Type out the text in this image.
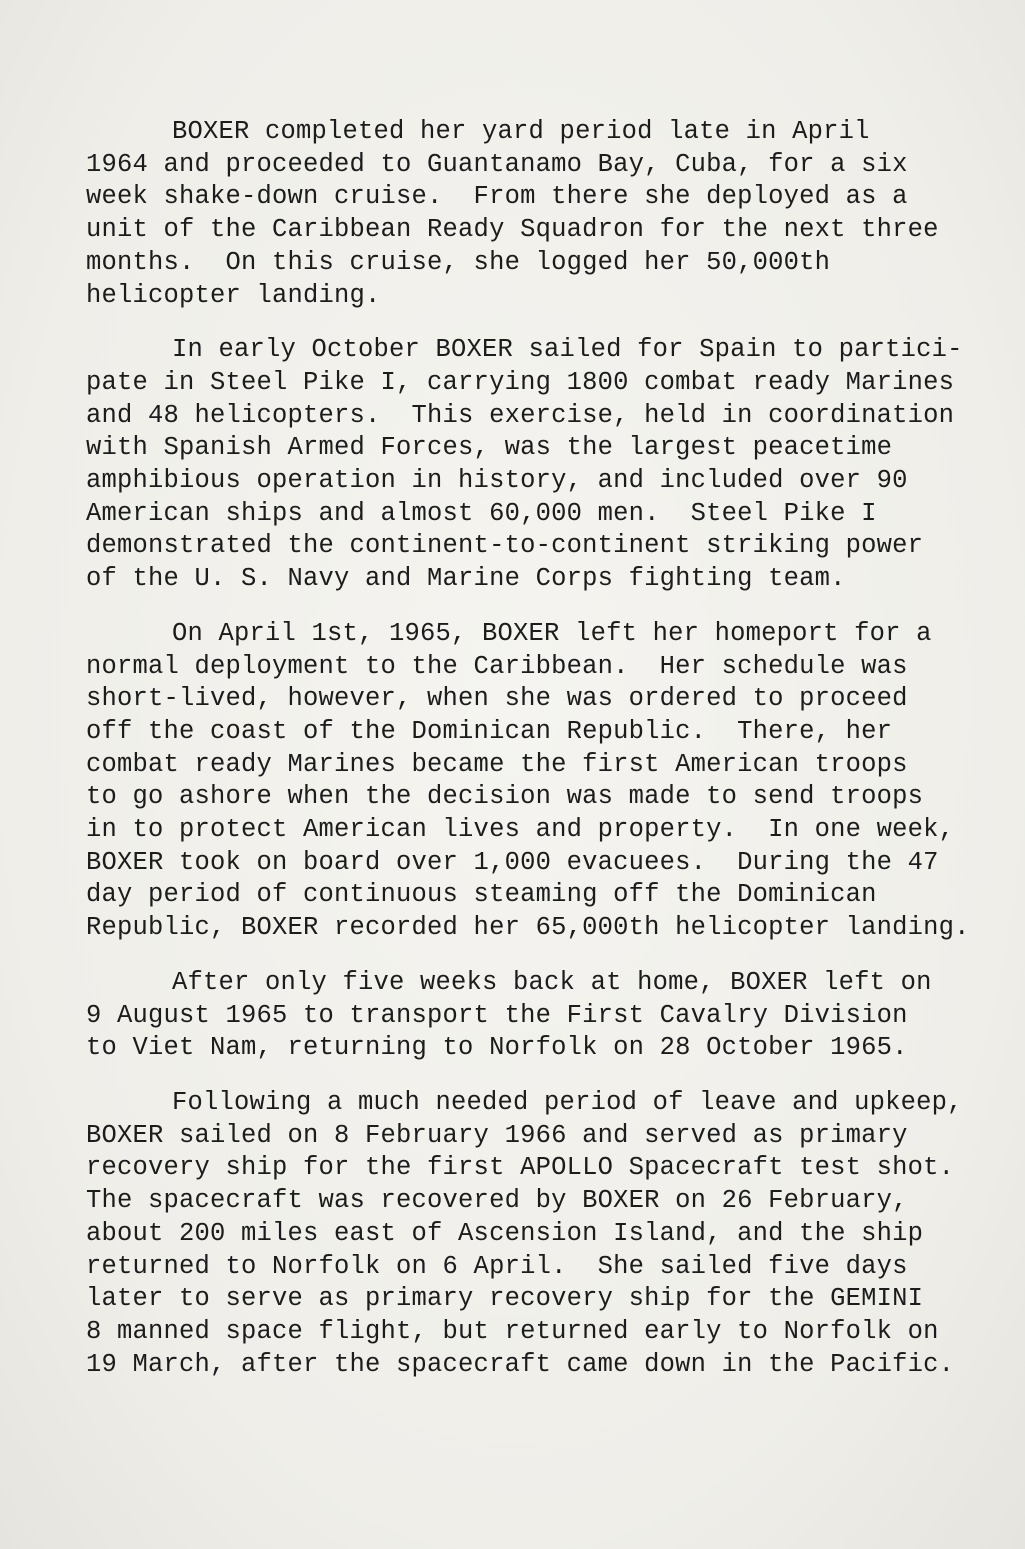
BOXER completed her yard period late in April
1964 and proceeded to Guantanamo Bay, Cuba, for a six
week shake-down cruise.  From there she deployed as a
unit of the Caribbean Ready Squadron for the next three
months.  On this cruise, she logged her 50,000th
helicopter landing.
In early October BOXER sailed for Spain to partici-
pate in Steel Pike I, carrying 1800 combat ready Marines
and 48 helicopters.  This exercise, held in coordination
with Spanish Armed Forces, was the largest peacetime
amphibious operation in history, and included over 90
American ships and almost 60,000 men.  Steel Pike I
demonstrated the continent-to-continent striking power
of the U. S. Navy and Marine Corps fighting team.
On April 1st, 1965, BOXER left her homeport for a
normal deployment to the Caribbean.  Her schedule was
short-lived, however, when she was ordered to proceed
off the coast of the Dominican Republic.  There, her
combat ready Marines became the first American troops
to go ashore when the decision was made to send troops
in to protect American lives and property.  In one week,
BOXER took on board over 1,000 evacuees.  During the 47
day period of continuous steaming off the Dominican
Republic, BOXER recorded her 65,000th helicopter landing.
After only five weeks back at home, BOXER left on
9 August 1965 to transport the First Cavalry Division
to Viet Nam, returning to Norfolk on 28 October 1965.
Following a much needed period of leave and upkeep,
BOXER sailed on 8 February 1966 and served as primary
recovery ship for the first APOLLO Spacecraft test shot.
The spacecraft was recovered by BOXER on 26 February,
about 200 miles east of Ascension Island, and the ship
returned to Norfolk on 6 April.  She sailed five days
later to serve as primary recovery ship for the GEMINI
8 manned space flight, but returned early to Norfolk on
19 March, after the spacecraft came down in the Pacific.
